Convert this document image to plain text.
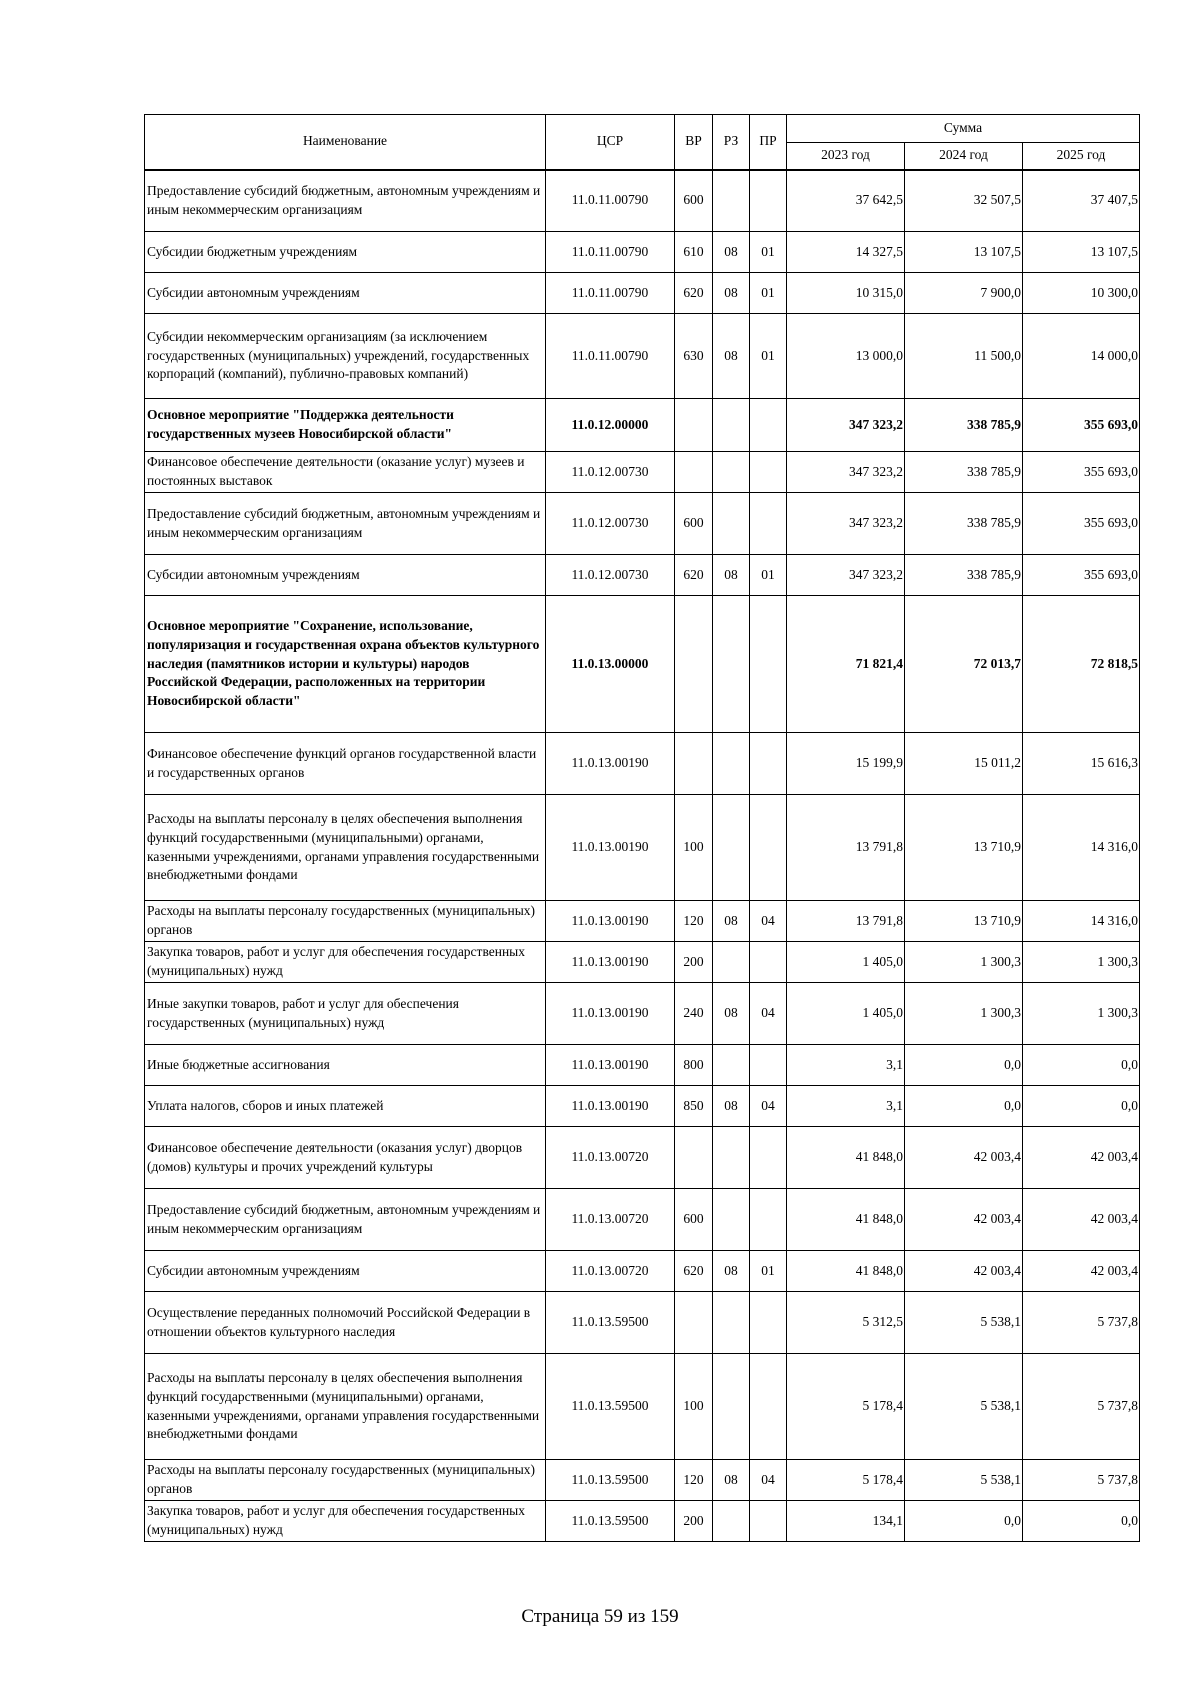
Наименование	ЦСР	ВР	РЗ	ПР	Сумма		
					2023 год	2024 год	2025 год
Предоставление субсидий бюджетным, автономным учреждениям и иным некоммерческим организациям	11.0.11.00790	600			37 642,5	32 507,5	37 407,5
Субсидии бюджетным учреждениям	11.0.11.00790	610	08	01	14 327,5	13 107,5	13 107,5
Субсидии автономным учреждениям	11.0.11.00790	620	08	01	10 315,0	7 900,0	10 300,0
Субсидии некоммерческим организациям (за исключением государственных (муниципальных) учреждений, государственных корпораций (компаний), публично-правовых компаний)	11.0.11.00790	630	08	01	13 000,0	11 500,0	14 000,0
Основное мероприятие "Поддержка деятельности государственных музеев Новосибирской области"	11.0.12.00000				347 323,2	338 785,9	355 693,0
Финансовое обеспечение деятельности (оказание услуг) музеев и постоянных выставок	11.0.12.00730				347 323,2	338 785,9	355 693,0
Предоставление субсидий бюджетным, автономным учреждениям и иным некоммерческим организациям	11.0.12.00730	600			347 323,2	338 785,9	355 693,0
Субсидии автономным учреждениям	11.0.12.00730	620	08	01	347 323,2	338 785,9	355 693,0
Основное мероприятие "Сохранение, использование, популяризация и государственная охрана объектов культурного наследия (памятников истории и культуры) народов Российской Федерации, расположенных на территории Новосибирской области"	11.0.13.00000				71 821,4	72 013,7	72 818,5
Финансовое обеспечение функций органов государственной власти и государственных органов	11.0.13.00190				15 199,9	15 011,2	15 616,3
Расходы на выплаты персоналу в целях обеспечения выполнения функций государственными (муниципальными) органами, казенными учреждениями, органами управления государственными внебюджетными фондами	11.0.13.00190	100			13 791,8	13 710,9	14 316,0
Расходы на выплаты персоналу государственных (муниципальных) органов	11.0.13.00190	120	08	04	13 791,8	13 710,9	14 316,0
Закупка товаров, работ и услуг для обеспечения государственных (муниципальных) нужд	11.0.13.00190	200			1 405,0	1 300,3	1 300,3
Иные закупки товаров, работ и услуг для обеспечения государственных (муниципальных) нужд	11.0.13.00190	240	08	04	1 405,0	1 300,3	1 300,3
Иные бюджетные ассигнования	11.0.13.00190	800			3,1	0,0	0,0
Уплата налогов, сборов и иных платежей	11.0.13.00190	850	08	04	3,1	0,0	0,0
Финансовое обеспечение деятельности (оказания услуг) дворцов (домов) культуры и прочих учреждений культуры	11.0.13.00720				41 848,0	42 003,4	42 003,4
Предоставление субсидий бюджетным, автономным учреждениям и иным некоммерческим организациям	11.0.13.00720	600			41 848,0	42 003,4	42 003,4
Субсидии автономным учреждениям	11.0.13.00720	620	08	01	41 848,0	42 003,4	42 003,4
Осуществление переданных полномочий Российской Федерации в отношении объектов культурного наследия	11.0.13.59500				5 312,5	5 538,1	5 737,8
Расходы на выплаты персоналу в целях обеспечения выполнения функций государственными (муниципальными) органами, казенными учреждениями, органами управления государственными внебюджетными фондами	11.0.13.59500	100			5 178,4	5 538,1	5 737,8
Расходы на выплаты персоналу государственных (муниципальных) органов	11.0.13.59500	120	08	04	5 178,4	5 538,1	5 737,8
Закупка товаров, работ и услуг для обеспечения государственных (муниципальных) нужд	11.0.13.59500	200			134,1	0,0	0,0
Страница 59 из 159
